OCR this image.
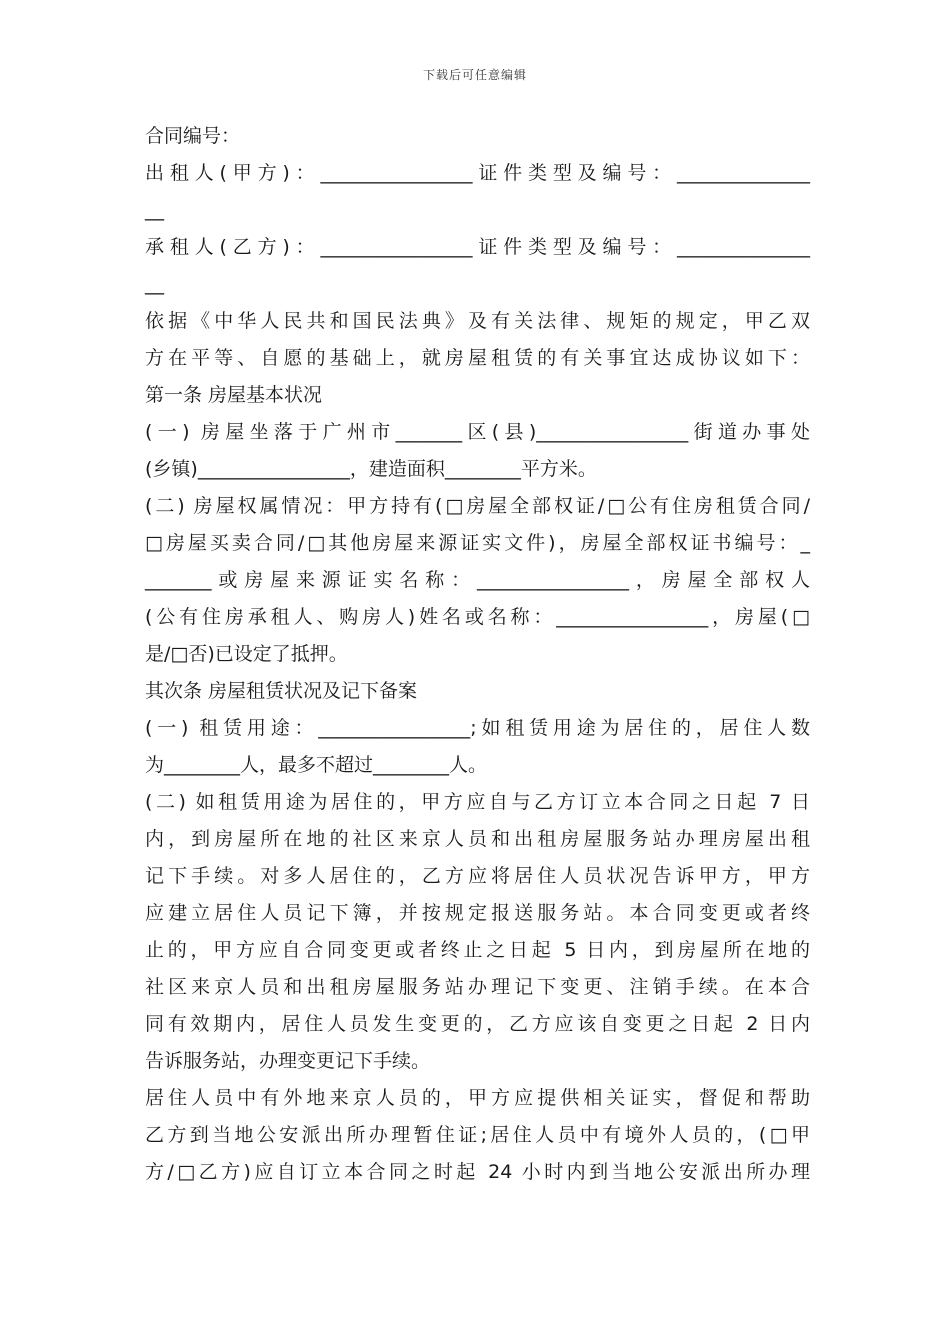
下载后可任意编辑
合同编号：
出租人(甲方)：________________证件类型及编号：______________
__
承租人(乙方)：________________证件类型及编号：______________
__
依据《中华人民共和国民法典》及有关法律、规矩的规定，甲乙双
方在平等、自愿的基础上，就房屋租赁的有关事宜达成协议如下：
第一条 房屋基本状况
(一) 房屋坐落于广州市_______区(县)________________街道办事处
(乡镇)________________，建造面积________平方米。
(二) 房屋权属情况：甲方持有(□房屋全部权证/□公有住房租赁合同/
□房屋买卖合同/□其他房屋来源证实文件)，房屋全部权证书编号：_
_______或房屋来源证实名称：________________，房屋全部权人
(公有住房承租人、购房人)姓名或名称：________________，房屋(□
是/□否)已设定了抵押。
其次条 房屋租赁状况及记下备案
(一) 租赁用途：________________;如租赁用途为居住的，居住人数
为________人，最多不超过________人。
(二) 如租赁用途为居住的，甲方应自与乙方订立本合同之日起 7 日
内，到房屋所在地的社区来京人员和出租房屋服务站办理房屋出租
记下手续。对多人居住的，乙方应将居住人员状况告诉甲方，甲方
应建立居住人员记下簿，并按规定报送服务站。本合同变更或者终
止的，甲方应自合同变更或者终止之日起 5 日内，到房屋所在地的
社区来京人员和出租房屋服务站办理记下变更、注销手续。在本合
同有效期内，居住人员发生变更的，乙方应该自变更之日起 2 日内
告诉服务站，办理变更记下手续。
居住人员中有外地来京人员的，甲方应提供相关证实，督促和帮助
乙方到当地公安派出所办理暂住证;居住人员中有境外人员的，(□甲
方/□乙方)应自订立本合同之时起 24 小时内到当地公安派出所办理
